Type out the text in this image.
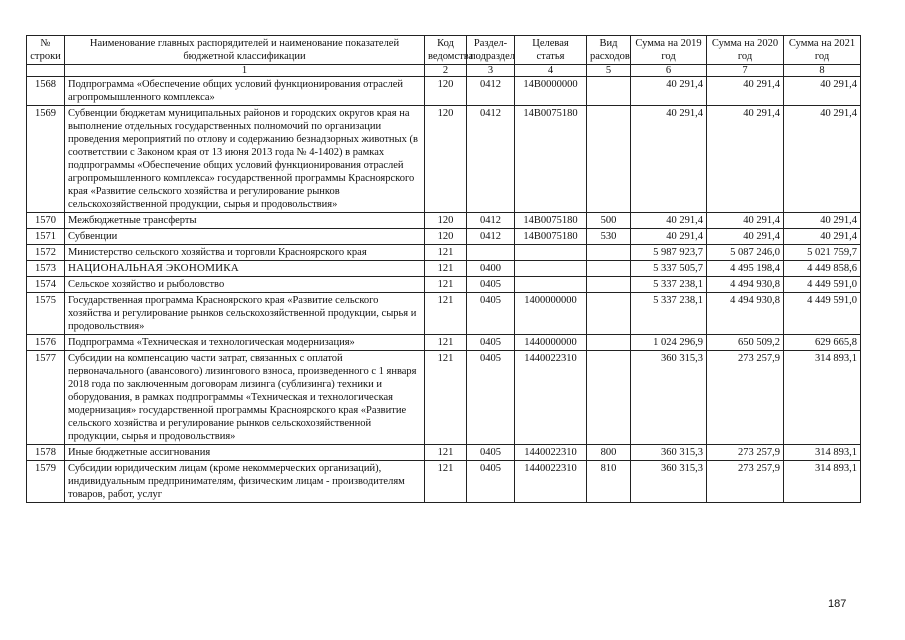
№ строки	Наименование главных распорядителей и наименование показателей бюджетной классификации	Код ведомства	Раздел-подраздел	Целевая статья	Вид расходов	Сумма на 2019 год	Сумма на 2020 год	Сумма на 2021 год
	1	2	3	4	5	6	7	8
1568	Подпрограмма «Обеспечение общих условий функционирования отраслей агропромышленного комплекса»	120	0412	14В0000000		40 291,4	40 291,4	40 291,4
1569	Субвенции бюджетам муниципальных районов и городских округов края на выполнение отдельных государственных полномочий по организации проведения мероприятий по отлову и содержанию безнадзорных животных (в соответствии с Законом края от 13 июня 2013 года № 4-1402) в рамках подпрограммы «Обеспечение общих условий функционирования отраслей агропромышленного комплекса» государственной программы Красноярского края «Развитие сельского хозяйства и регулирование рынков сельскохозяйственной продукции, сырья и продовольствия»	120	0412	14В0075180		40 291,4	40 291,4	40 291,4
1570	Межбюджетные трансферты	120	0412	14В0075180	500	40 291,4	40 291,4	40 291,4
1571	Субвенции	120	0412	14В0075180	530	40 291,4	40 291,4	40 291,4
1572	Министерство сельского хозяйства и торговли Красноярского края	121				5 987 923,7	5 087 246,0	5 021 759,7
1573	НАЦИОНАЛЬНАЯ ЭКОНОМИКА	121	0400			5 337 505,7	4 495 198,4	4 449 858,6
1574	Сельское хозяйство и рыболовство	121	0405			5 337 238,1	4 494 930,8	4 449 591,0
1575	Государственная программа Красноярского края «Развитие сельского хозяйства и регулирование рынков сельскохозяйственной продукции, сырья и продовольствия»	121	0405	1400000000		5 337 238,1	4 494 930,8	4 449 591,0
1576	Подпрограмма «Техническая и технологическая модернизация»	121	0405	1440000000		1 024 296,9	650 509,2	629 665,8
1577	Субсидии на компенсацию части затрат, связанных с оплатой первоначального (авансового) лизингового взноса, произведенного с 1 января 2018 года по заключенным договорам лизинга (сублизинга) техники и оборудования, в рамках подпрограммы «Техническая и технологическая модернизация» государственной программы Красноярского края «Развитие сельского хозяйства и регулирование рынков сельскохозяйственной продукции, сырья и продовольствия»	121	0405	1440022310		360 315,3	273 257,9	314 893,1
1578	Иные бюджетные ассигнования	121	0405	1440022310	800	360 315,3	273 257,9	314 893,1
1579	Субсидии юридическим лицам (кроме некоммерческих организаций), индивидуальным предпринимателям, физическим лицам - производителям товаров, работ, услуг	121	0405	1440022310	810	360 315,3	273 257,9	314 893,1
187
